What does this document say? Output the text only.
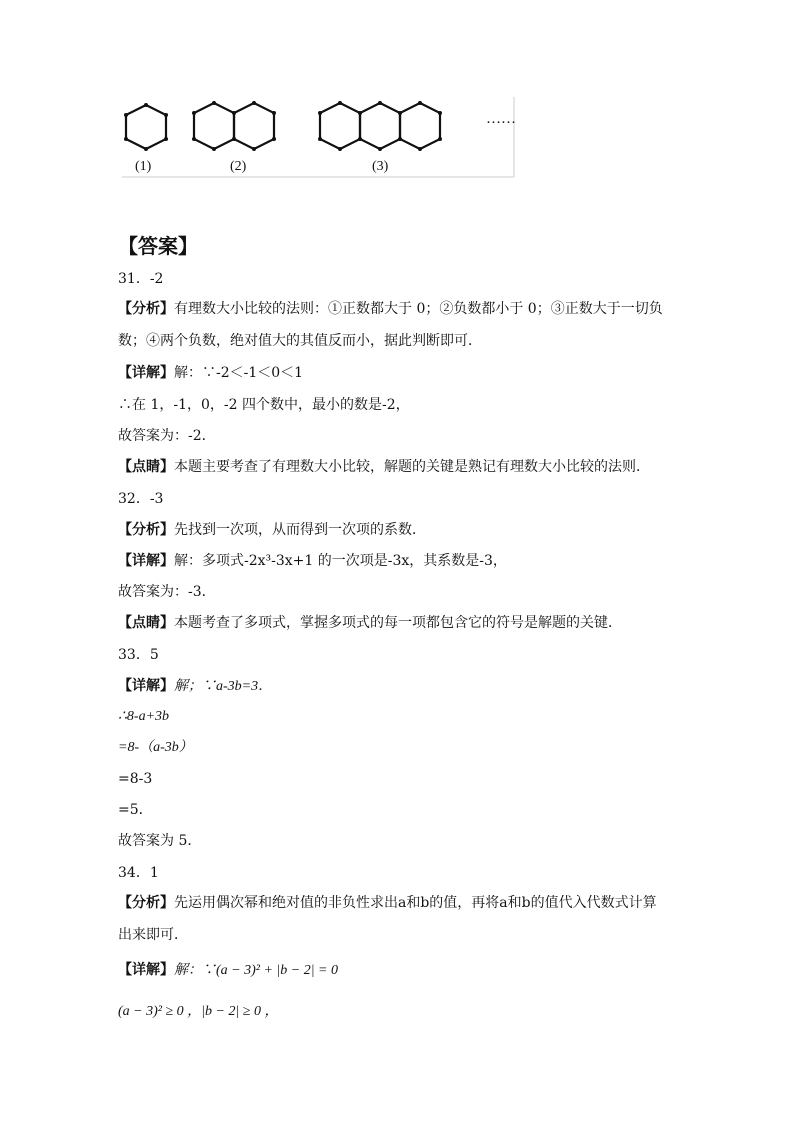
(1)	(2)	(3)
……
【答案】
31．-2
【分析】有理数大小比较的法则：①正数都大于 0；②负数都小于 0；③正数大于一切负
数；④两个负数，绝对值大的其值反而小，据此判断即可．
【详解】解：∵-2＜-1＜0＜1
∴在 1，-1，0，-2 四个数中，最小的数是-2，
故答案为：-2．
【点睛】本题主要考查了有理数大小比较，解题的关键是熟记有理数大小比较的法则．
32．-3
【分析】先找到一次项，从而得到一次项的系数．
【详解】解：多项式-2x³-3x+1 的一次项是-3x，其系数是-3，
故答案为：-3．
【点睛】本题考查了多项式，掌握多项式的每一项都包含它的符号是解题的关键．
33．5
【详解】解；∵a-3b=3．
∴8-a+3b
=8-（a-3b）
=8-3
=5．
故答案为 5．
34．1
【分析】先运用偶次幂和绝对值的非负性求出a和b的值，再将a和b的值代入代数式计算
出来即可．
【详解】解：∵(a − 3)² + |b − 2| = 0
(a − 3)² ≥ 0 ，|b − 2| ≥ 0 ，
